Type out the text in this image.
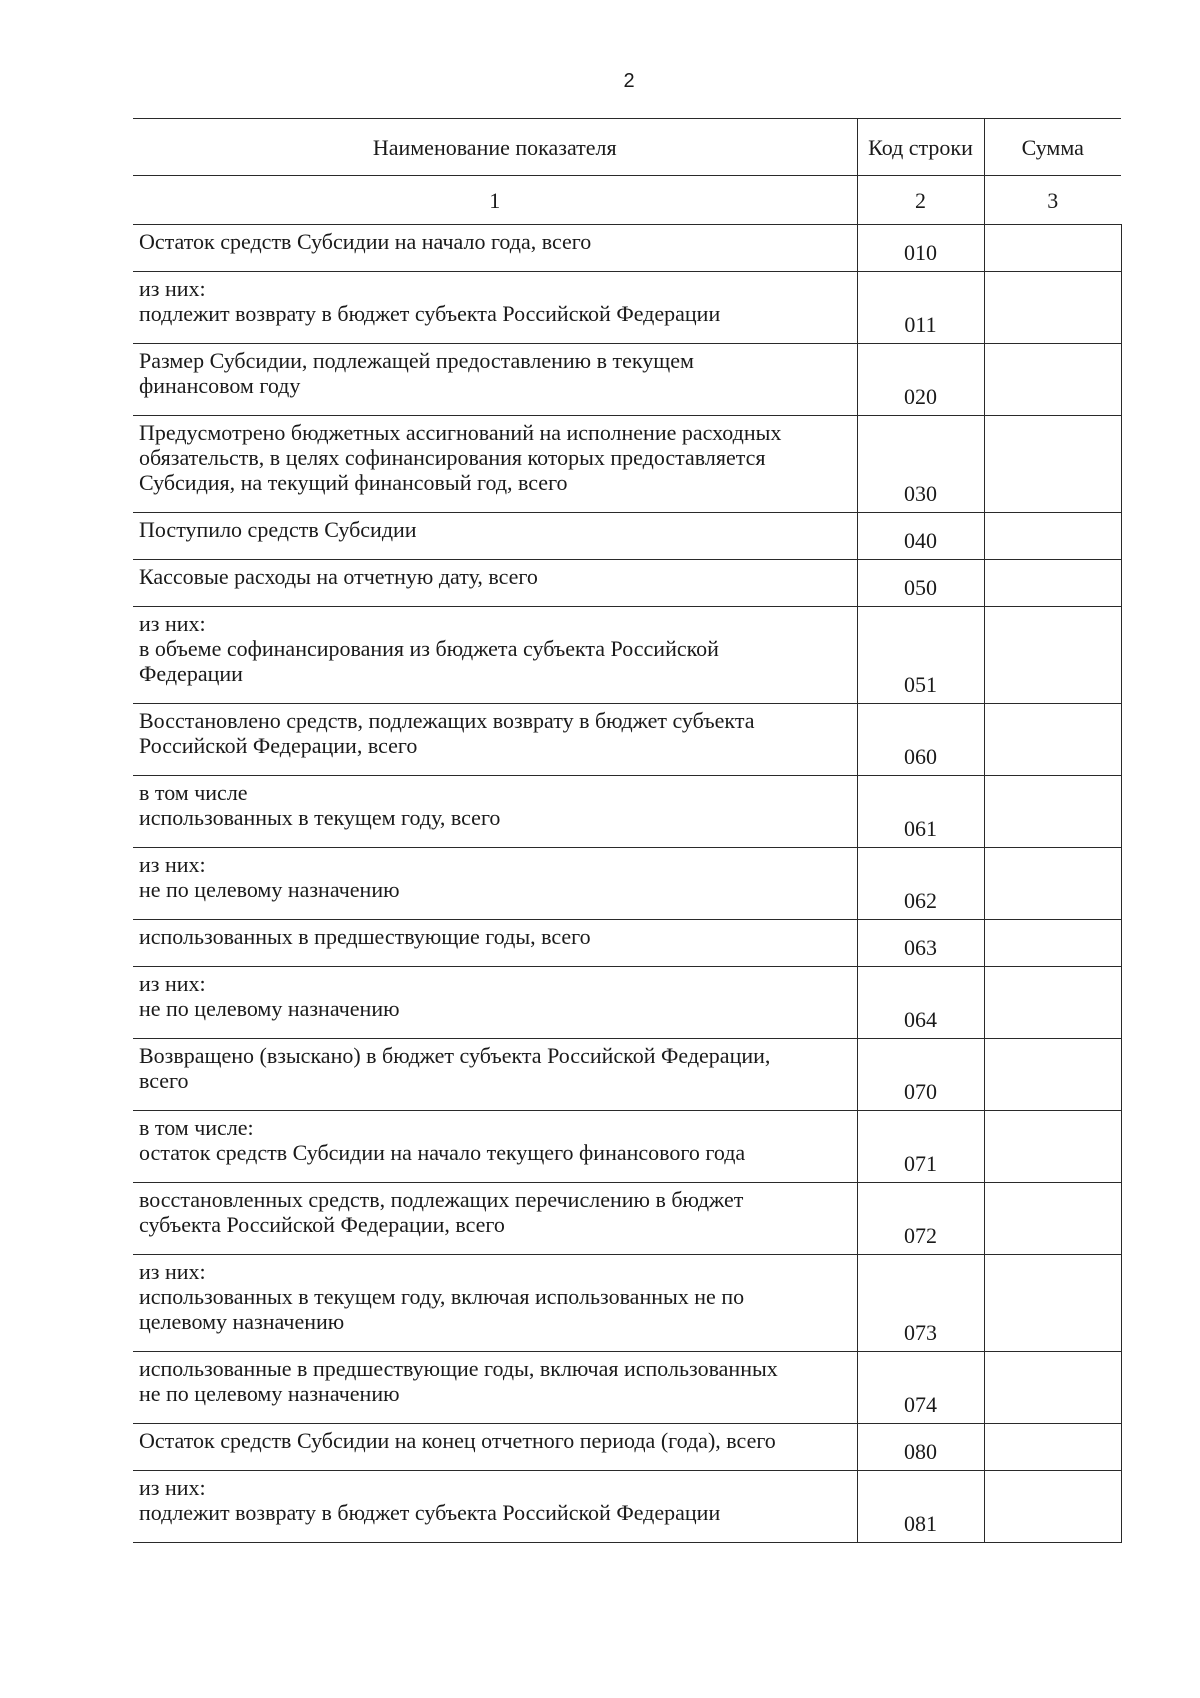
2
Наименование показателя	Код строки	Сумма
1	2	3

Остаток средств Субсидии на начало года, всего	010	

из них:
подлежит возврату в бюджет субъекта Российской Федерации	011	

Размер Субсидии, подлежащей предоставлению в текущем
финансовом году	020	

Предусмотрено бюджетных ассигнований на исполнение расходных
обязательств, в целях софинансирования которых предоставляется
Субсидия, на текущий финансовый год, всего	030	

Поступило средств Субсидии	040	

Кассовые расходы на отчетную дату, всего	050	

из них:
в объеме софинансирования из бюджета субъекта Российской
Федерации	051	

Восстановлено средств, подлежащих возврату в бюджет субъекта
Российской Федерации, всего	060	

в том числе
использованных в текущем году, всего	061	

из них:
не по целевому назначению	062	

использованных в предшествующие годы, всего	063	

из них:
не по целевому назначению	064	

Возвращено (взыскано) в бюджет субъекта Российской Федерации,
всего	070	

в том числе:
остаток средств Субсидии на начало текущего финансового года	071	

восстановленных средств, подлежащих перечислению в бюджет
субъекта Российской Федерации, всего	072	

из них:
использованных в текущем году, включая использованных не по
целевому назначению	073	

использованные в предшествующие годы, включая использованных
не по целевому назначению	074	

Остаток средств Субсидии на конец отчетного периода (года), всего	080	

из них:
подлежит возврату в бюджет субъекта Российской Федерации	081	
